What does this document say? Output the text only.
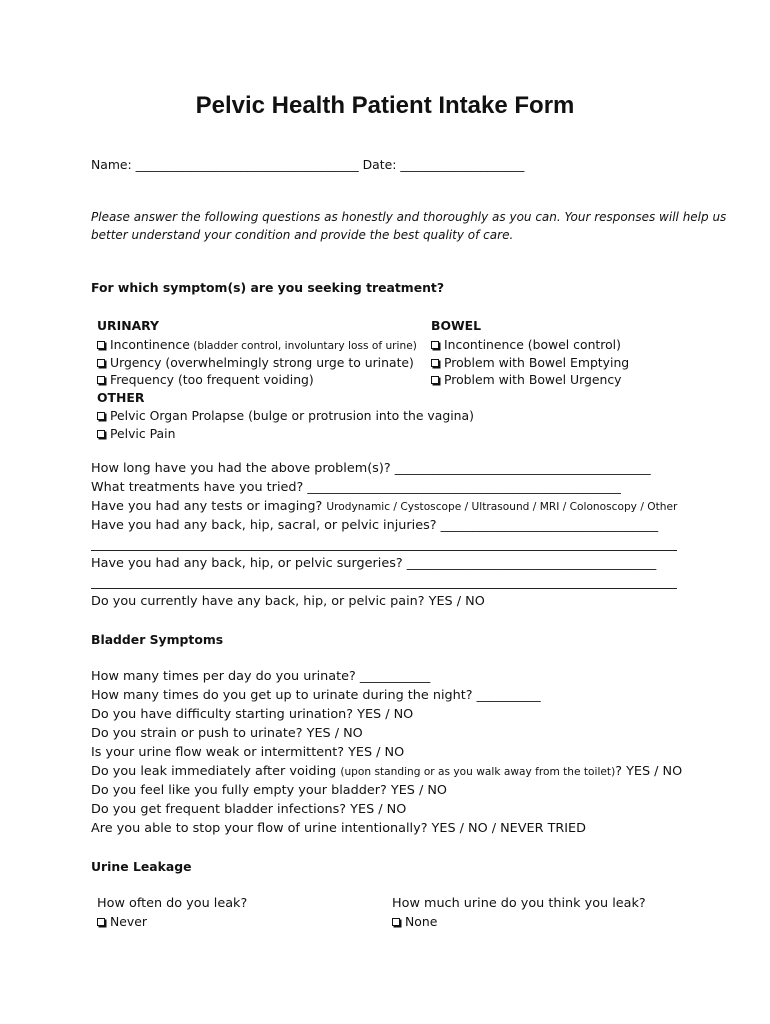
Pelvic Health Patient Intake Form
Name: ____________________________________ Date: ____________________
Please answer the following questions as honestly and thoroughly as you can. Your responses will help us
better understand your condition and provide the best quality of care.
For which symptom(s) are you seeking treatment?
URINARY
Incontinence (bladder control, involuntary loss of urine)
Urgency (overwhelmingly strong urge to urinate)
Frequency (too frequent voiding)
BOWEL
Incontinence (bowel control)
Problem with Bowel Emptying
Problem with Bowel Urgency
OTHER
Pelvic Organ Prolapse (bulge or protrusion into the vagina)
Pelvic Pain
How long have you had the above problem(s)? ________________________________________
What treatments have you tried? _________________________________________________
Have you had any tests or imaging? Urodynamic / Cystoscope / Ultrasound / MRI / Colonoscopy / Other
Have you had any back, hip, sacral, or pelvic injuries? __________________________________
Have you had any back, hip, or pelvic surgeries? _______________________________________
Do you currently have any back, hip, or pelvic pain? YES / NO
Bladder Symptoms
How many times per day do you urinate? ___________
How many times do you get up to urinate during the night? __________
Do you have difficulty starting urination? YES / NO
Do you strain or push to urinate? YES / NO
Is your urine flow weak or intermittent? YES / NO
Do you leak immediately after voiding (upon standing or as you walk away from the toilet)? YES / NO
Do you feel like you fully empty your bladder? YES / NO
Do you get frequent bladder infections? YES / NO
Are you able to stop your flow of urine intentionally? YES / NO / NEVER TRIED
Urine Leakage
How often do you leak?
Never
How much urine do you think you leak?
None
